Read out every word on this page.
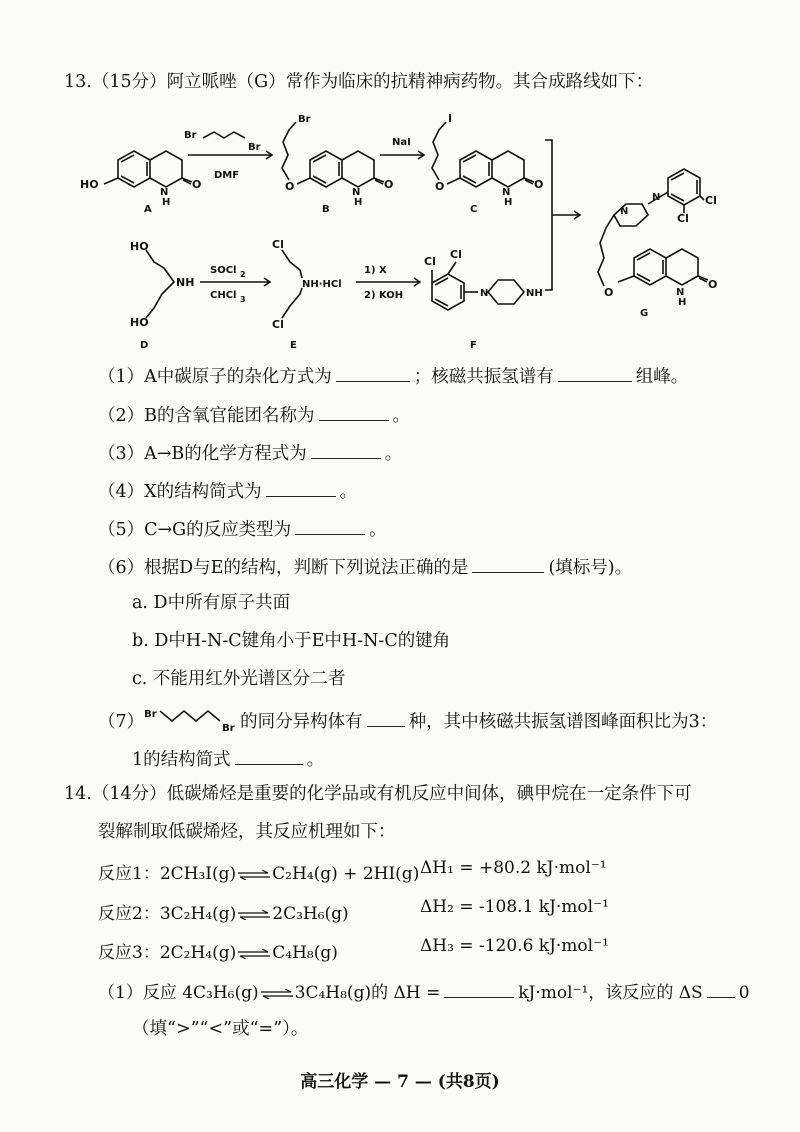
13.（15分）阿立哌唑（G）常作为临床的抗精神病药物。其合成路线如下：
HO
N
H
O
Br
Br
DMF
Br
O	N
H
O
NaI
I
O	N
H
O
N
N	Cl
Cl
O	N
H
O
HO
NH
HO
SOCl 2
CHCl 3
Cl
NH·HCl
Cl
1) X
2) KOH
Cl
Cl
N	NH
A	B	C
D	E	F
G
（1）A中碳原子的杂化方式为	；核磁共振氢谱有	组峰。
（2）B的含氧官能团名称为	。
（3）A→B的化学方程式为	。
（4）X的结构简式为	。
（5）C→G的反应类型为	。
（6）根据D与E的结构，判断下列说法正确的是	(填标号)。
a. D中所有原子共面
b. D中H-N-C键角小于E中H-N-C的键角
c. 不能用红外光谱区分二者
（7） Br
Br 的同分异构体有	种，其中核磁共振氢谱图峰面积比为3：
1的结构简式	。
14.（14分）低碳烯烃是重要的化学品或有机反应中间体，碘甲烷在一定条件下可
裂解制取低碳烯烃，其反应机理如下：
反应1：2CH₃I(g)⇌C₂H₄(g) + 2HI(g) ΔH₁ = +80.2 kJ·mol⁻¹
反应2：3C₂H₄(g)⇌2C₃H₆(g)	ΔH₂ = -108.1 kJ·mol⁻¹
反应3：2C₂H₄(g)⇌C₄H₈(g)	ΔH₃ = -120.6 kJ·mol⁻¹
（1）反应 4C₃H₆(g)⇌3C₄H₈(g)的 ΔH =	kJ·mol⁻¹，该反应的 ΔS 0
（填“>”“<”或“=”）。
高三化学 — 7 — (共8页)
